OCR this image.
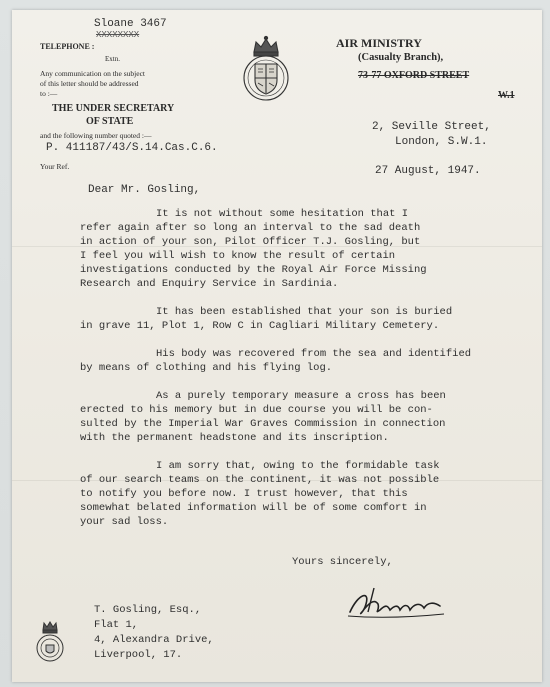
TELEPHONE :
Sloane 3467
XXXXXXXX
Extn.
Any communication on the subject
of this letter should be addressed
to :—
THE UNDER SECRETARY
OF STATE
and the following number quoted :—
P. 411187/43/S.14.Cas.C.6.
Your Ref.
AIR MINISTRY
(Casualty Branch),
73-77 OXFORD STREET
W.1
2, Seville Street,
London, S.W.1.
27 August, 1947.
Dear Mr. Gosling,
It is not without some hesitation that I
refer again after so long an interval to the sad death
in action of your son, Pilot Officer T.J. Gosling, but
I feel you will wish to know the result of certain
investigations conducted by the Royal Air Force Missing
Research and Enquiry Service in Sardinia.
It has been established that your son is buried
in grave 11, Plot 1, Row C in Cagliari Military Cemetery.
His body was recovered from the sea and identified
by means of clothing and his flying log.
As a purely temporary measure a cross has been
erected to his memory but in due course you will be con-
sulted by the Imperial War Graves Commission in connection
with the permanent headstone and its inscription.
I am sorry that, owing to the formidable task
of our search teams on the continent, it was not possible
to notify you before now. I trust however, that this
somewhat belated information will be of some comfort in
your sad loss.
Yours sincerely,
T. Gosling, Esq.,
Flat 1,
4, Alexandra Drive,
Liverpool, 17.
